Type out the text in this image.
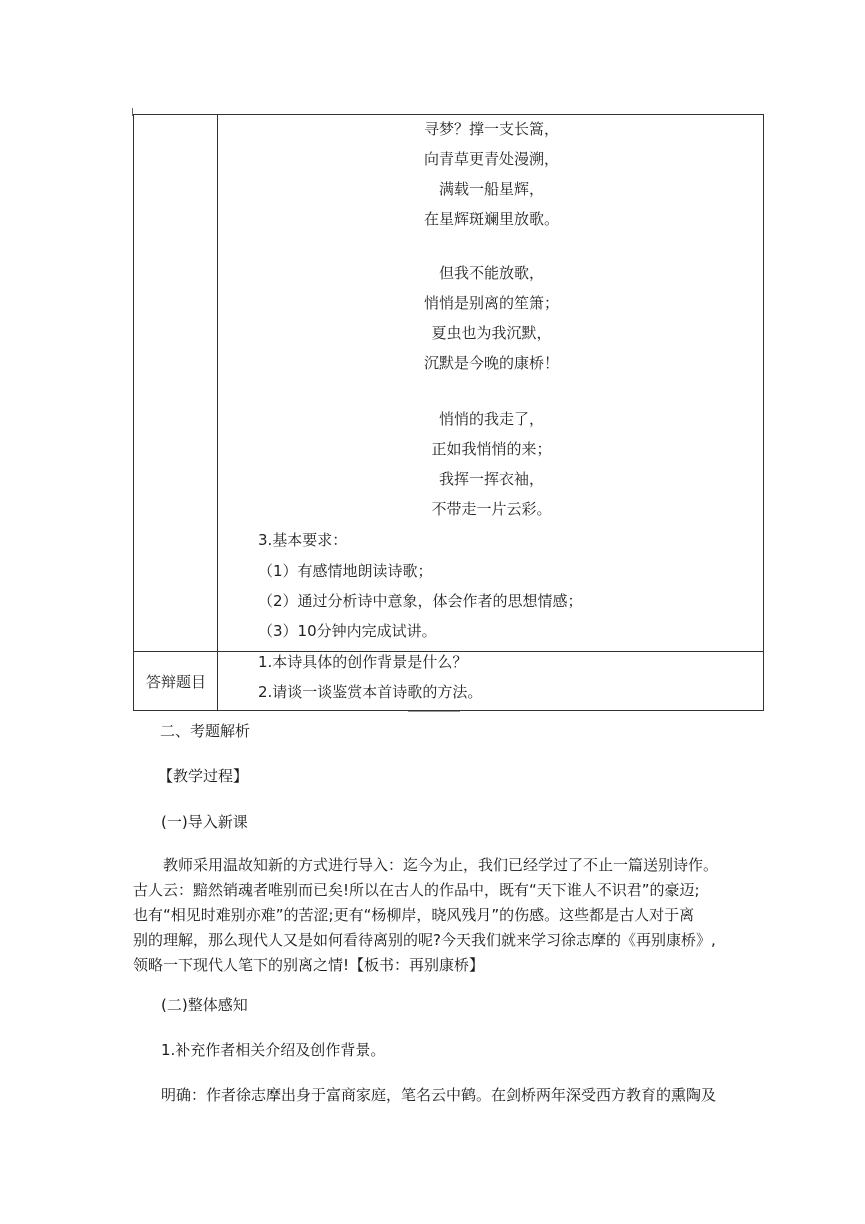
寻梦？撑一支长篙，
向青草更青处漫溯，
满载一船星辉，
在星辉斑斓里放歌。
但我不能放歌，
悄悄是别离的笙箫；
夏虫也为我沉默，
沉默是今晚的康桥！
悄悄的我走了，
正如我悄悄的来；
我挥一挥衣袖，
不带走一片云彩。
3.基本要求：
（1）有感情地朗读诗歌；
（2）通过分析诗中意象，体会作者的思想情感；
（3）10分钟内完成试讲。
答辩题目
1.本诗具体的创作背景是什么？
2.请谈一谈鉴赏本首诗歌的方法。
二、考题解析
【教学过程】
(一)导入新课
教师采用温故知新的方式进行导入：迄今为止，我们已经学过了不止一篇送别诗作。
古人云：黯然销魂者唯别而已矣!所以在古人的作品中，既有“天下谁人不识君”的豪迈;
也有“相见时难别亦难”的苦涩;更有“杨柳岸，晓风残月”的伤感。这些都是古人对于离
别的理解，那么现代人又是如何看待离别的呢?今天我们就来学习徐志摩的《再别康桥》,
领略一下现代人笔下的别离之情!【板书：再别康桥】
(二)整体感知
1.补充作者相关介绍及创作背景。
明确：作者徐志摩出身于富商家庭，笔名云中鹤。在剑桥两年深受西方教育的熏陶及
